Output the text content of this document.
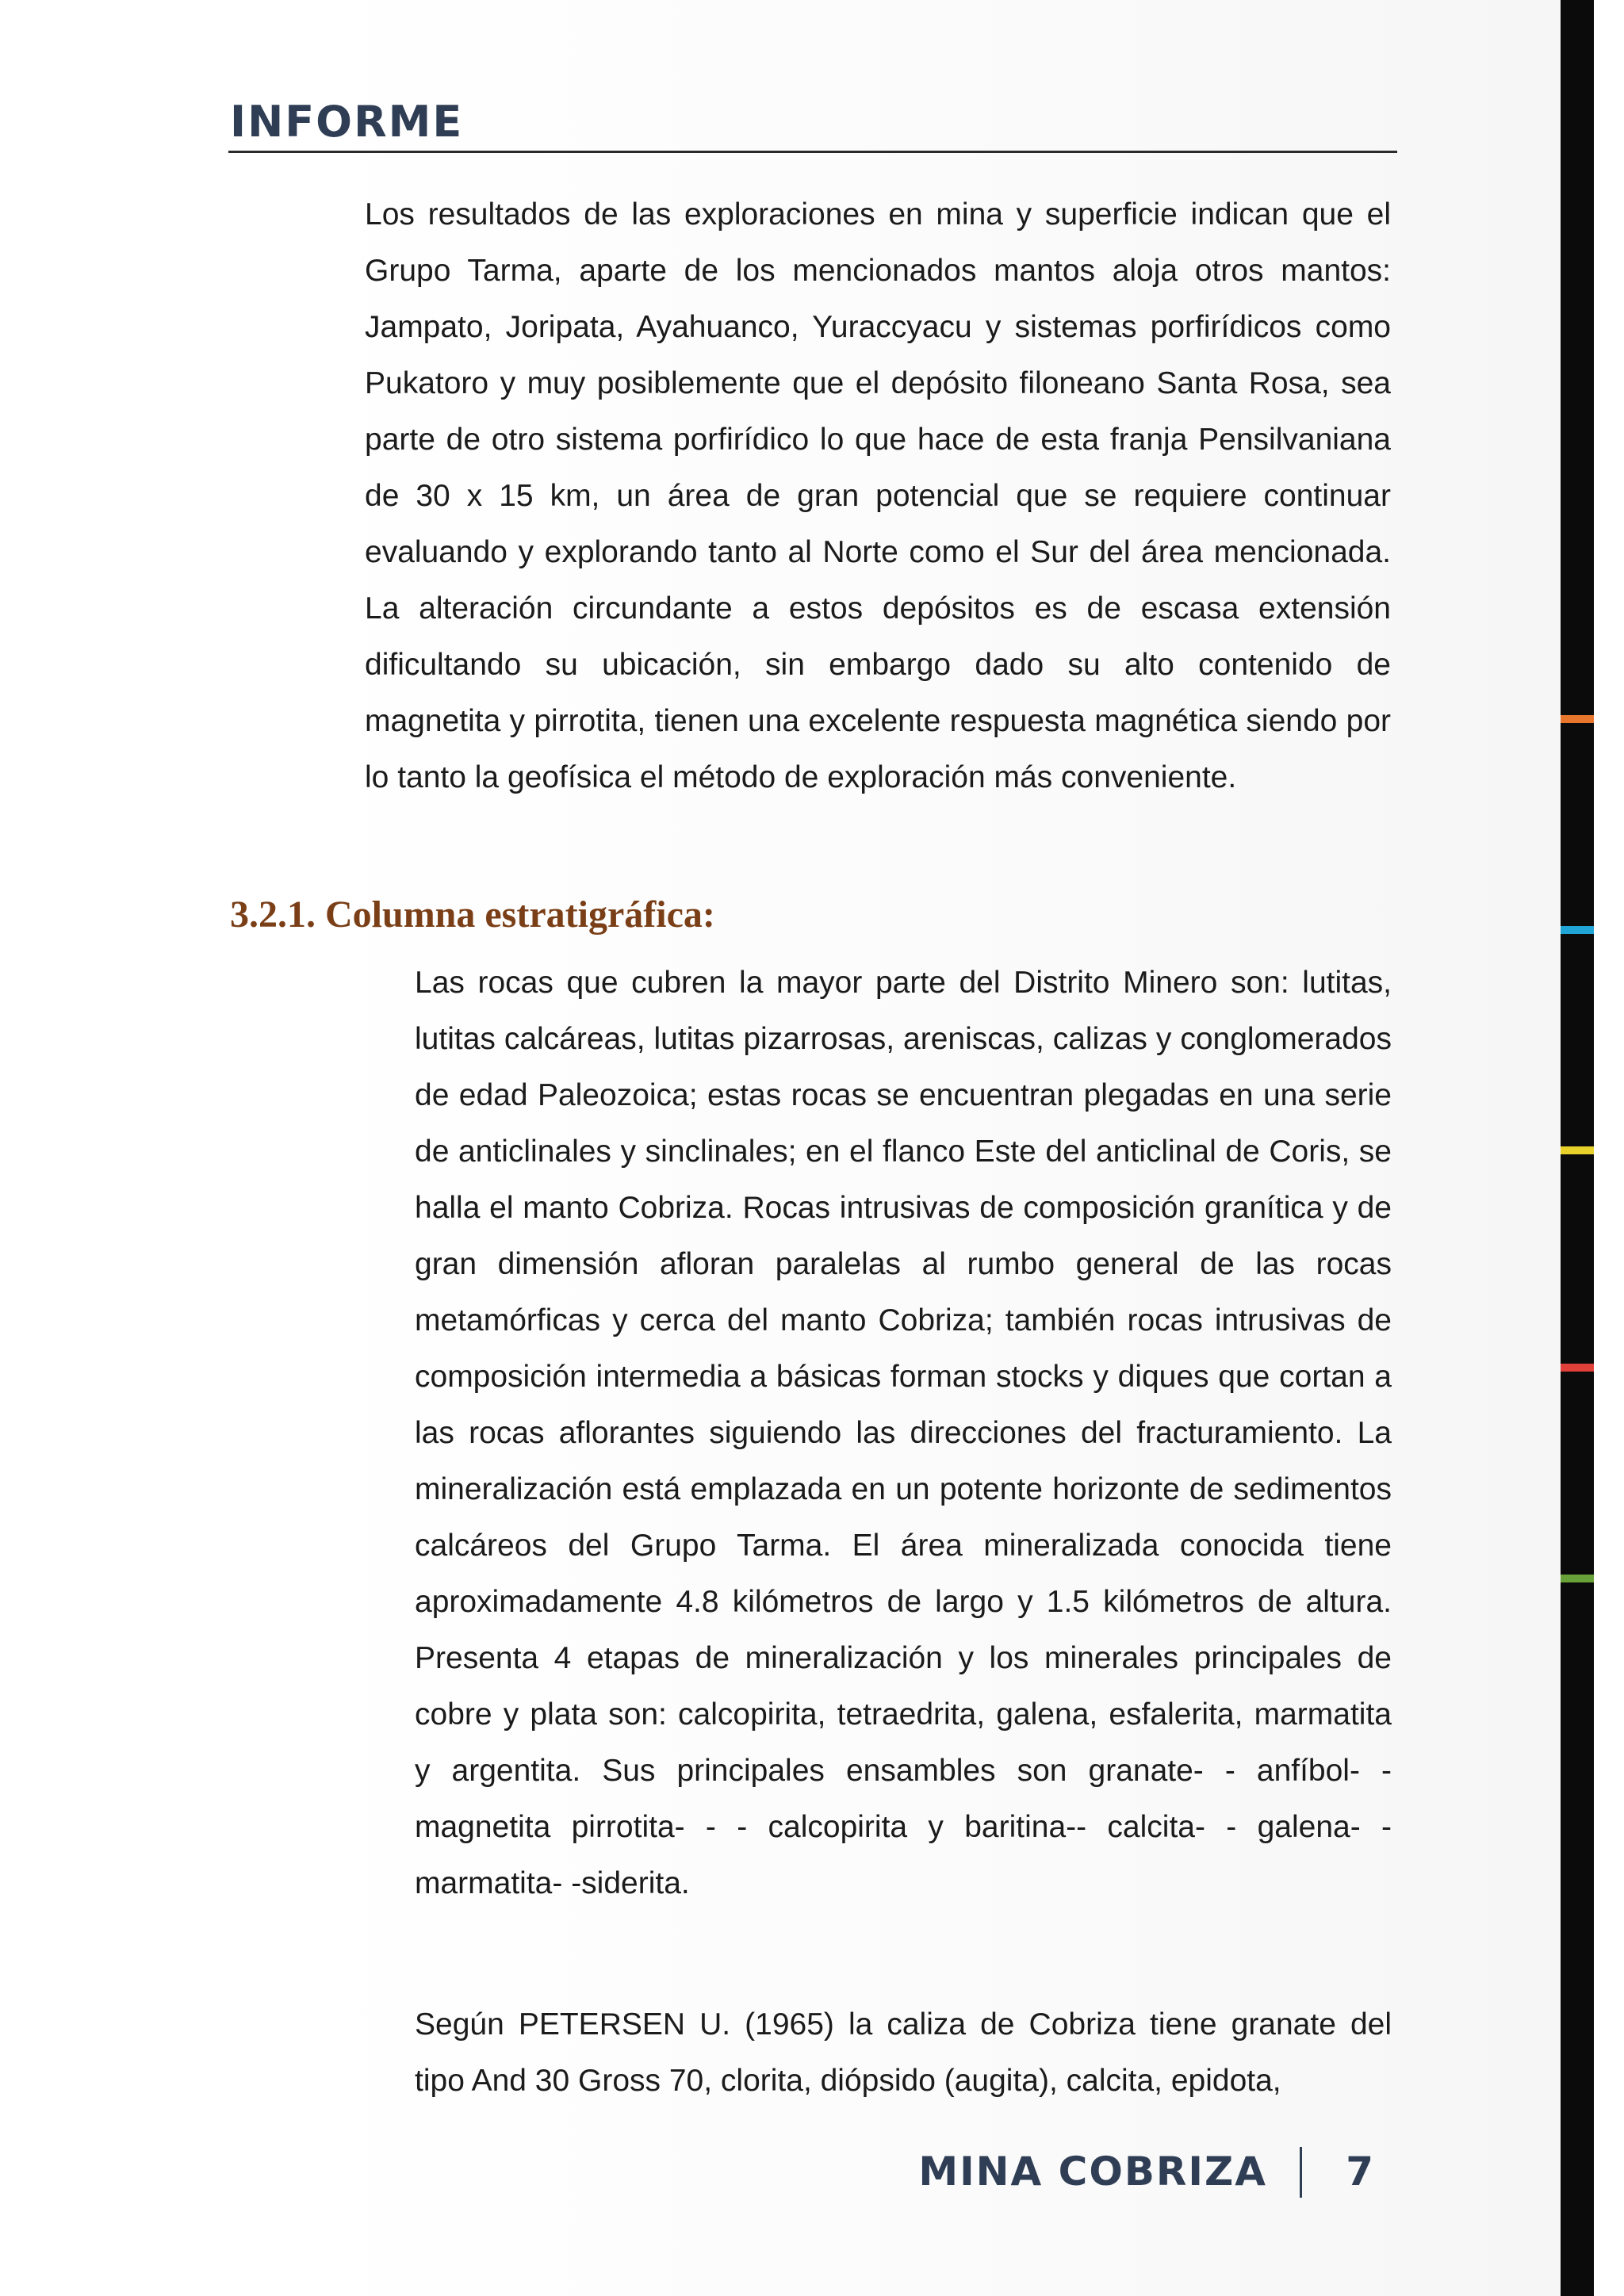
INFORME

Los resultados de las exploraciones en mina y superficie indican que el Grupo Tarma, aparte de los mencionados mantos aloja otros mantos: Jampato, Joripata, Ayahuanco, Yuraccyacu y sistemas porfirídicos como Pukatoro y muy posiblemente que el depósito filoneano Santa Rosa, sea parte de otro sistema porfirídico lo que hace de esta franja Pensilvaniana de 30 x 15 km, un área de gran potencial que se requiere continuar evaluando y explorando tanto al Norte como el Sur del área mencionada. La alteración circundante a estos depósitos es de escasa extensión dificultando su ubicación, sin embargo dado su alto contenido de magnetita y pirrotita, tienen una excelente respuesta magnética siendo por lo tanto la geofísica el método de exploración más conveniente.

3.2.1. Columna estratigráfica:

Las rocas que cubren la mayor parte del Distrito Minero son: lutitas, lutitas calcáreas, lutitas pizarrosas, areniscas, calizas y conglomerados de edad Paleozoica; estas rocas se encuentran plegadas en una serie de anticlinales y sinclinales; en el flanco Este del anticlinal de Coris, se halla el manto Cobriza. Rocas intrusivas de composición granítica y de gran dimensión afloran paralelas al rumbo general de las rocas metamórficas y cerca del manto Cobriza; también rocas intrusivas de composición intermedia a básicas forman stocks y diques que cortan a las rocas aflorantes siguiendo las direcciones del fracturamiento. La mineralización está emplazada en un potente horizonte de sedimentos calcáreos del Grupo Tarma. El área mineralizada conocida tiene aproximadamente 4.8 kilómetros de largo y 1.5 kilómetros de altura. Presenta 4 etapas de mineralización y los minerales principales de cobre y plata son: calcopirita, tetraedrita, galena, esfalerita, marmatita y argentita. Sus principales ensambles son granate- - anfíbol- - magnetita pirrotita- - - calcopirita y baritina-- calcita- - galena- - marmatita- -siderita.

Según PETERSEN U. (1965) la caliza de Cobriza tiene granate del tipo And 30 Gross 70, clorita, diópsido (augita), calcita, epidota,

MINA COBRIZA 7
